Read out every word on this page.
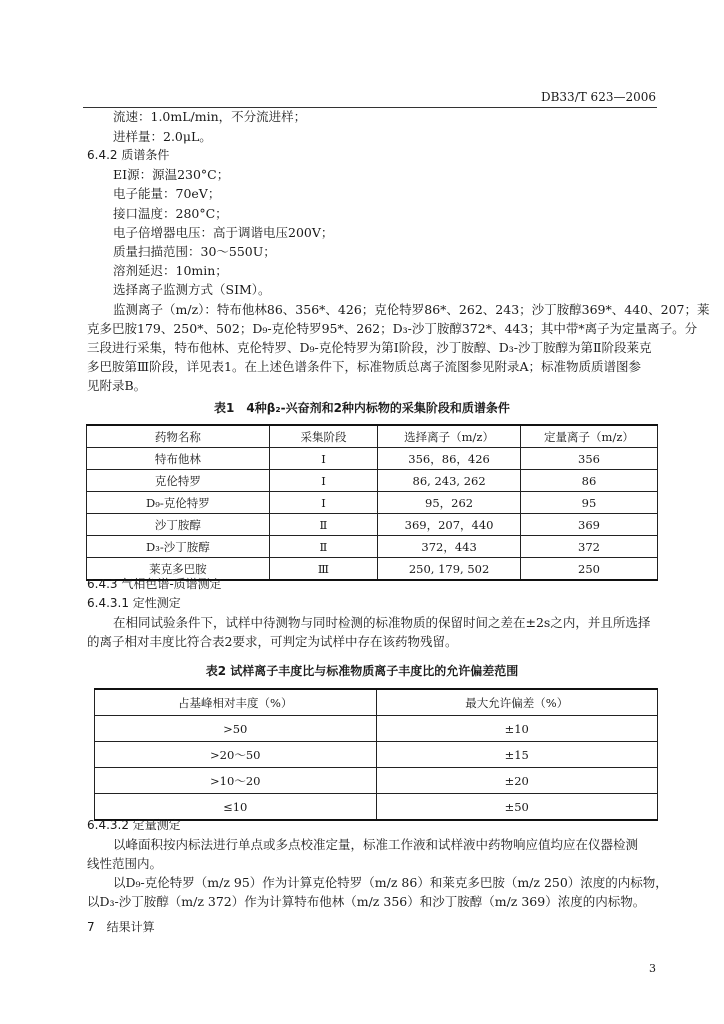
DB33/T 623—2006
流速：1.0mL/min，不分流进样；
进样量：2.0μL。
6.4.2 质谱条件
EI源：源温230°C；
电子能量：70eV；
接口温度：280°C；
电子倍增器电压：高于调谐电压200V；
质量扫描范围：30～550U；
溶剂延迟：10min；
选择离子监测方式（SIM）。
监测离子（m/z）：特布他林86、356*、426；克伦特罗86*、262、243；沙丁胺醇369*、440、207；莱
克多巴胺179、250*、502；D₉-克伦特罗95*、262；D₃-沙丁胺醇372*、443；其中带*离子为定量离子。分
三段进行采集，特布他林、克伦特罗、D₉-克伦特罗为第Ⅰ阶段，沙丁胺醇、D₃-沙丁胺醇为第Ⅱ阶段莱克
多巴胺第Ⅲ阶段，详见表1。在上述色谱条件下，标准物质总离子流图参见附录A；标准物质质谱图参
见附录B。
表1　4种β₂-兴奋剂和2种内标物的采集阶段和质谱条件
药物名称	采集阶段	选择离子（m/z）	定量离子（m/z）
特布他林	Ⅰ	356，86，426	356
克伦特罗	Ⅰ	86, 243, 262	86
D₉-克伦特罗	Ⅰ	95，262	95
沙丁胺醇	Ⅱ	369，207，440	369
D₃-沙丁胺醇	Ⅱ	372，443	372
莱克多巴胺	Ⅲ	250, 179, 502	250
6.4.3 气相色谱-质谱测定
6.4.3.1 定性测定
在相同试验条件下，试样中待测物与同时检测的标准物质的保留时间之差在±2s之内，并且所选择
的离子相对丰度比符合表2要求，可判定为试样中存在该药物残留。
表2 试样离子丰度比与标准物质离子丰度比的允许偏差范围
占基峰相对丰度（%）	最大允许偏差（%）
>50	±10
>20～50	±15
>10～20	±20
≤10	±50
6.4.3.2 定量测定
以峰面积按内标法进行单点或多点校准定量，标准工作液和试样液中药物响应值均应在仪器检测
线性范围内。
以D₉-克伦特罗（m/z 95）作为计算克伦特罗（m/z 86）和莱克多巴胺（m/z 250）浓度的内标物，
以D₃-沙丁胺醇（m/z 372）作为计算特布他林（m/z 356）和沙丁胺醇（m/z 369）浓度的内标物。
7　结果计算
3
